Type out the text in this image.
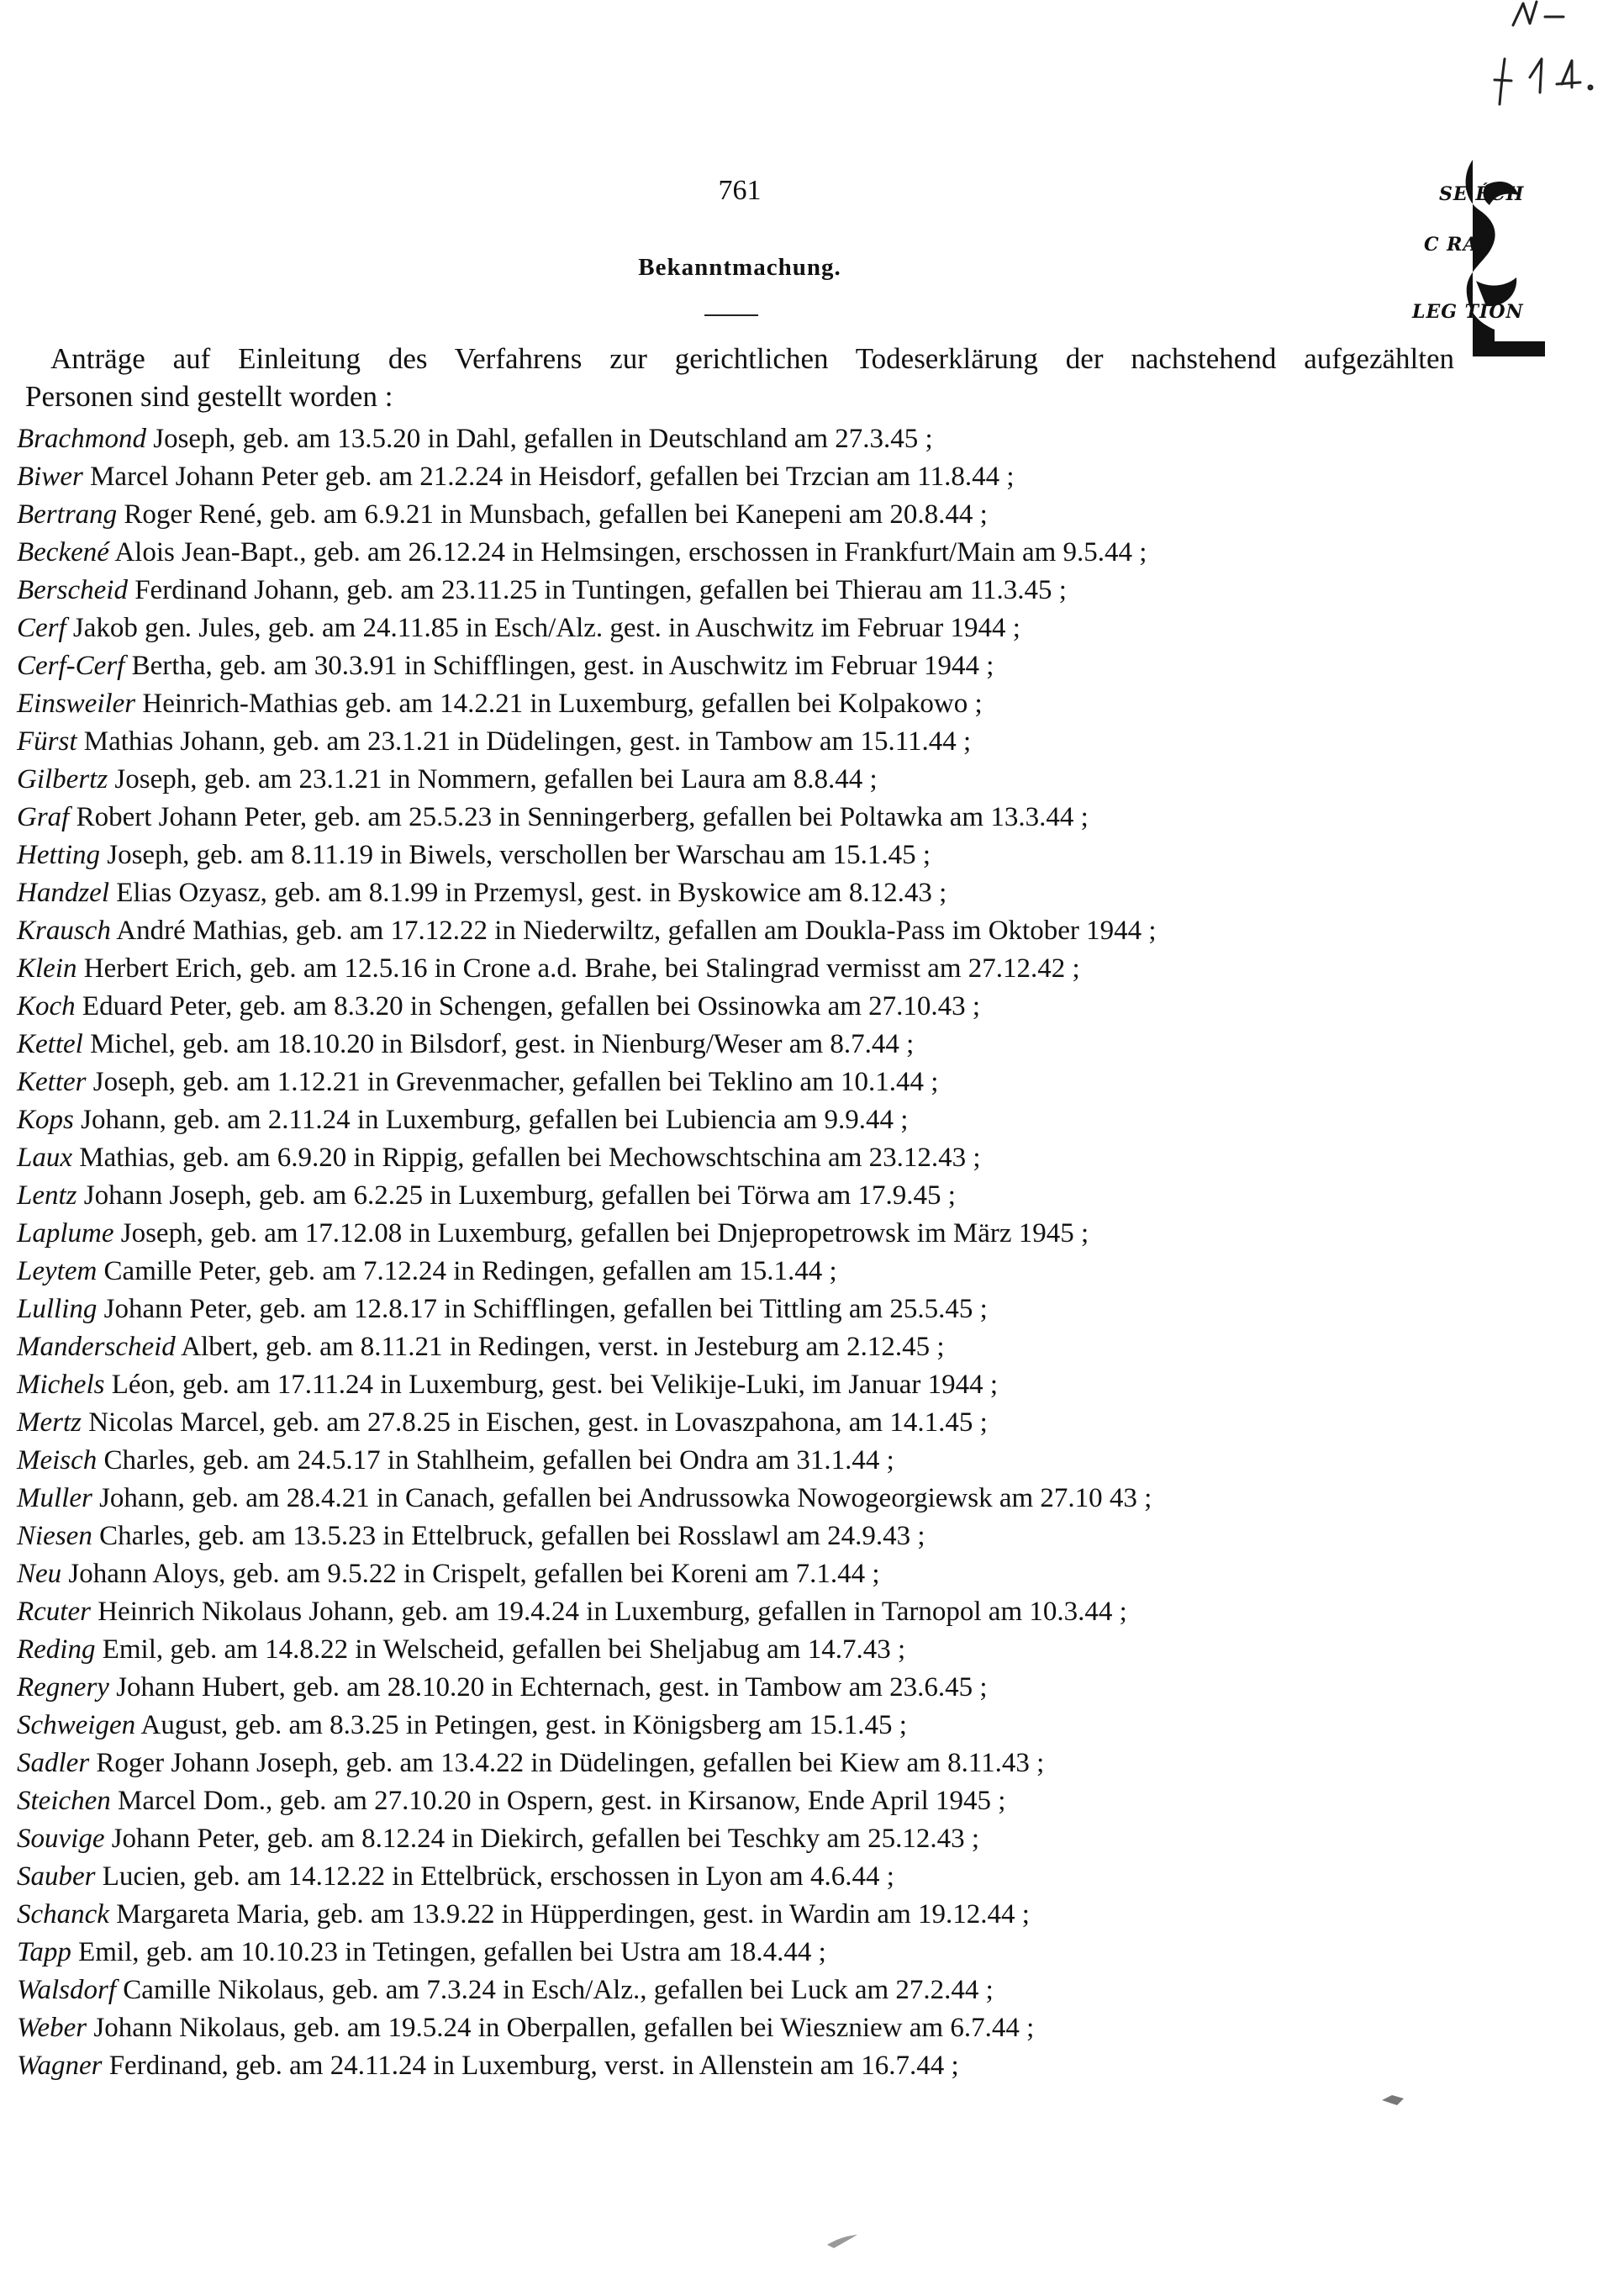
SE ÉCH
C RAL
LEG TION
761
Bekanntmachung.
Anträge auf Einleitung des Verfahrens zur gerichtlichen Todeserklärung der nachstehend aufgezählten
Personen sind gestellt worden :
Brachmond Joseph, geb. am 13.5.20 in Dahl, gefallen in Deutschland am 27.3.45 ;
Biwer Marcel Johann Peter geb. am 21.2.24 in Heisdorf, gefallen bei Trzcian am 11.8.44 ;
Bertrang Roger René, geb. am 6.9.21 in Munsbach, gefallen bei Kanepeni am 20.8.44 ;
Beckené Alois Jean-Bapt., geb. am 26.12.24 in Helmsingen, erschossen in Frankfurt/Main am 9.5.44 ;
Berscheid Ferdinand Johann, geb. am 23.11.25 in Tuntingen, gefallen bei Thierau am 11.3.45 ;
Cerf Jakob gen. Jules, geb. am 24.11.85 in Esch/Alz. gest. in Auschwitz im Februar 1944 ;
Cerf-Cerf Bertha, geb. am 30.3.91 in Schifflingen, gest. in Auschwitz im Februar 1944 ;
Einsweiler Heinrich-Mathias geb. am 14.2.21 in Luxemburg, gefallen bei Kolpakowo ;
Fürst Mathias Johann, geb. am 23.1.21 in Düdelingen, gest. in Tambow am 15.11.44 ;
Gilbertz Joseph, geb. am 23.1.21 in Nommern, gefallen bei Laura am 8.8.44 ;
Graf Robert Johann Peter, geb. am 25.5.23 in Senningerberg, gefallen bei Poltawka am 13.3.44 ;
Hetting Joseph, geb. am 8.11.19 in Biwels, verschollen ber Warschau am 15.1.45 ;
Handzel Elias Ozyasz, geb. am 8.1.99 in Przemysl, gest. in Byskowice am 8.12.43 ;
Krausch André Mathias, geb. am 17.12.22 in Niederwiltz, gefallen am Doukla-Pass im Oktober 1944 ;
Klein Herbert Erich, geb. am 12.5.16 in Crone a.d. Brahe, bei Stalingrad vermisst am 27.12.42 ;
Koch Eduard Peter, geb. am 8.3.20 in Schengen, gefallen bei Ossinowka am 27.10.43 ;
Kettel Michel, geb. am 18.10.20 in Bilsdorf, gest. in Nienburg/Weser am 8.7.44 ;
Ketter Joseph, geb. am 1.12.21 in Grevenmacher, gefallen bei Teklino am 10.1.44 ;
Kops Johann, geb. am 2.11.24 in Luxemburg, gefallen bei Lubiencia am 9.9.44 ;
Laux Mathias, geb. am 6.9.20 in Rippig, gefallen bei Mechowschtschina am 23.12.43 ;
Lentz Johann Joseph, geb. am 6.2.25 in Luxemburg, gefallen bei Törwa am 17.9.45 ;
Laplume Joseph, geb. am 17.12.08 in Luxemburg, gefallen bei Dnjepropetrowsk im März 1945 ;
Leytem Camille Peter, geb. am 7.12.24 in Redingen, gefallen am 15.1.44 ;
Lulling Johann Peter, geb. am 12.8.17 in Schifflingen, gefallen bei Tittling am 25.5.45 ;
Manderscheid Albert, geb. am 8.11.21 in Redingen, verst. in Jesteburg am 2.12.45 ;
Michels Léon, geb. am 17.11.24 in Luxemburg, gest. bei Velikije-Luki, im Januar 1944 ;
Mertz Nicolas Marcel, geb. am 27.8.25 in Eischen, gest. in Lovaszpahona, am 14.1.45 ;
Meisch Charles, geb. am 24.5.17 in Stahlheim, gefallen bei Ondra am 31.1.44 ;
Muller Johann, geb. am 28.4.21 in Canach, gefallen bei Andrussowka Nowogeorgiewsk am 27.10 43 ;
Niesen Charles, geb. am 13.5.23 in Ettelbruck, gefallen bei Rosslawl am 24.9.43 ;
Neu Johann Aloys, geb. am 9.5.22 in Crispelt, gefallen bei Koreni am 7.1.44 ;
Rcuter Heinrich Nikolaus Johann, geb. am 19.4.24 in Luxemburg, gefallen in Tarnopol am 10.3.44 ;
Reding Emil, geb. am 14.8.22 in Welscheid, gefallen bei Sheljabug am 14.7.43 ;
Regnery Johann Hubert, geb. am 28.10.20 in Echternach, gest. in Tambow am 23.6.45 ;
Schweigen August, geb. am 8.3.25 in Petingen, gest. in Königsberg am 15.1.45 ;
Sadler Roger Johann Joseph, geb. am 13.4.22 in Düdelingen, gefallen bei Kiew am 8.11.43 ;
Steichen Marcel Dom., geb. am 27.10.20 in Ospern, gest. in Kirsanow, Ende April 1945 ;
Souvige Johann Peter, geb. am 8.12.24 in Diekirch, gefallen bei Teschky am 25.12.43 ;
Sauber Lucien, geb. am 14.12.22 in Ettelbrück, erschossen in Lyon am 4.6.44 ;
Schanck Margareta Maria, geb. am 13.9.22 in Hüpperdingen, gest. in Wardin am 19.12.44 ;
Tapp Emil, geb. am 10.10.23 in Tetingen, gefallen bei Ustra am 18.4.44 ;
Walsdorf Camille Nikolaus, geb. am 7.3.24 in Esch/Alz., gefallen bei Luck am 27.2.44 ;
Weber Johann Nikolaus, geb. am 19.5.24 in Oberpallen, gefallen bei Wieszniew am 6.7.44 ;
Wagner Ferdinand, geb. am 24.11.24 in Luxemburg, verst. in Allenstein am 16.7.44 ;
